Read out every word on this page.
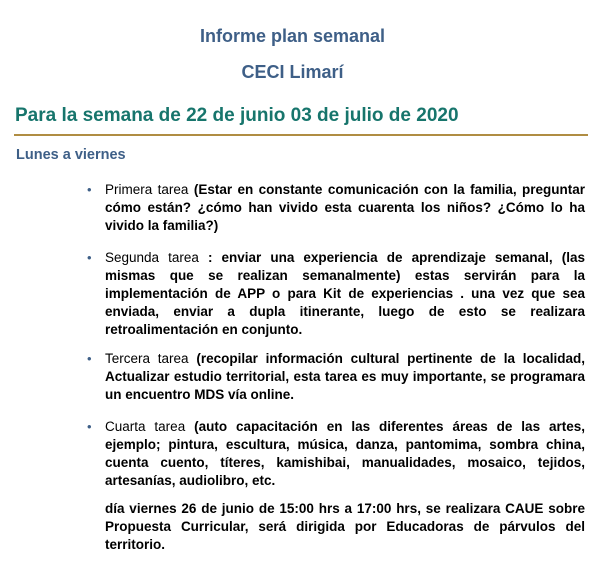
Informe plan semanal
CECI Limarí
Para la semana de 22 de junio 03 de julio de 2020
Lunes a viernes
• Primera tarea (Estar en constante comunicación con la familia, preguntar cómo están? ¿cómo han vivido esta cuarenta los niños? ¿Cómo lo ha vivido la familia?)
• Segunda tarea : enviar una experiencia de aprendizaje semanal, (las mismas que se realizan semanalmente) estas servirán para la implementación de APP o para Kit de experiencias . una vez que sea enviada, enviar a dupla itinerante, luego de esto se realizara retroalimentación en conjunto.
• Tercera tarea (recopilar información cultural pertinente de la localidad, Actualizar estudio territorial, esta tarea es muy importante, se programara un encuentro MDS vía online.
• Cuarta tarea (auto capacitación en las diferentes áreas de las artes, ejemplo; pintura, escultura, música, danza, pantomima, sombra china, cuenta cuento, títeres, kamishibai, manualidades, mosaico, tejidos, artesanías, audiolibro, etc.
día viernes 26 de junio de 15:00 hrs a 17:00 hrs, se realizara CAUE sobre Propuesta Curricular, será dirigida por Educadoras de párvulos del territorio.
